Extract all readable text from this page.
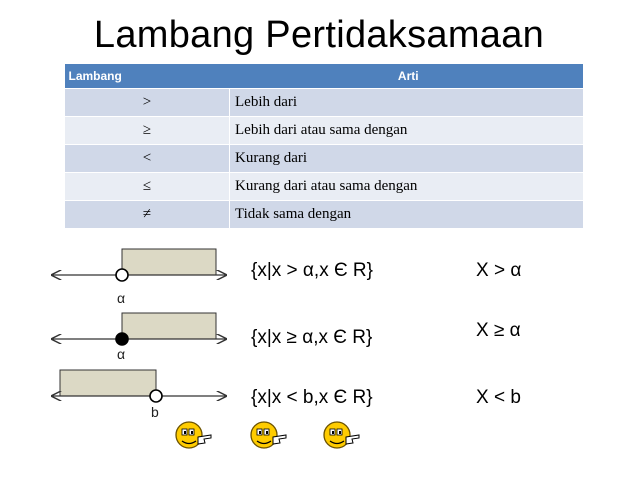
Lambang Pertidaksamaan
Lambang	Arti
>	Lebih dari
≥	Lebih dari atau sama dengan
<	Kurang dari
≤	Kurang dari atau sama dengan
≠	Tidak sama dengan
α
α
b
{x|x > α,x Є R}
{x|x ≥ α,x Є R}
{x|x < b,x Є R}
X > α
X ≥ α
X < b
